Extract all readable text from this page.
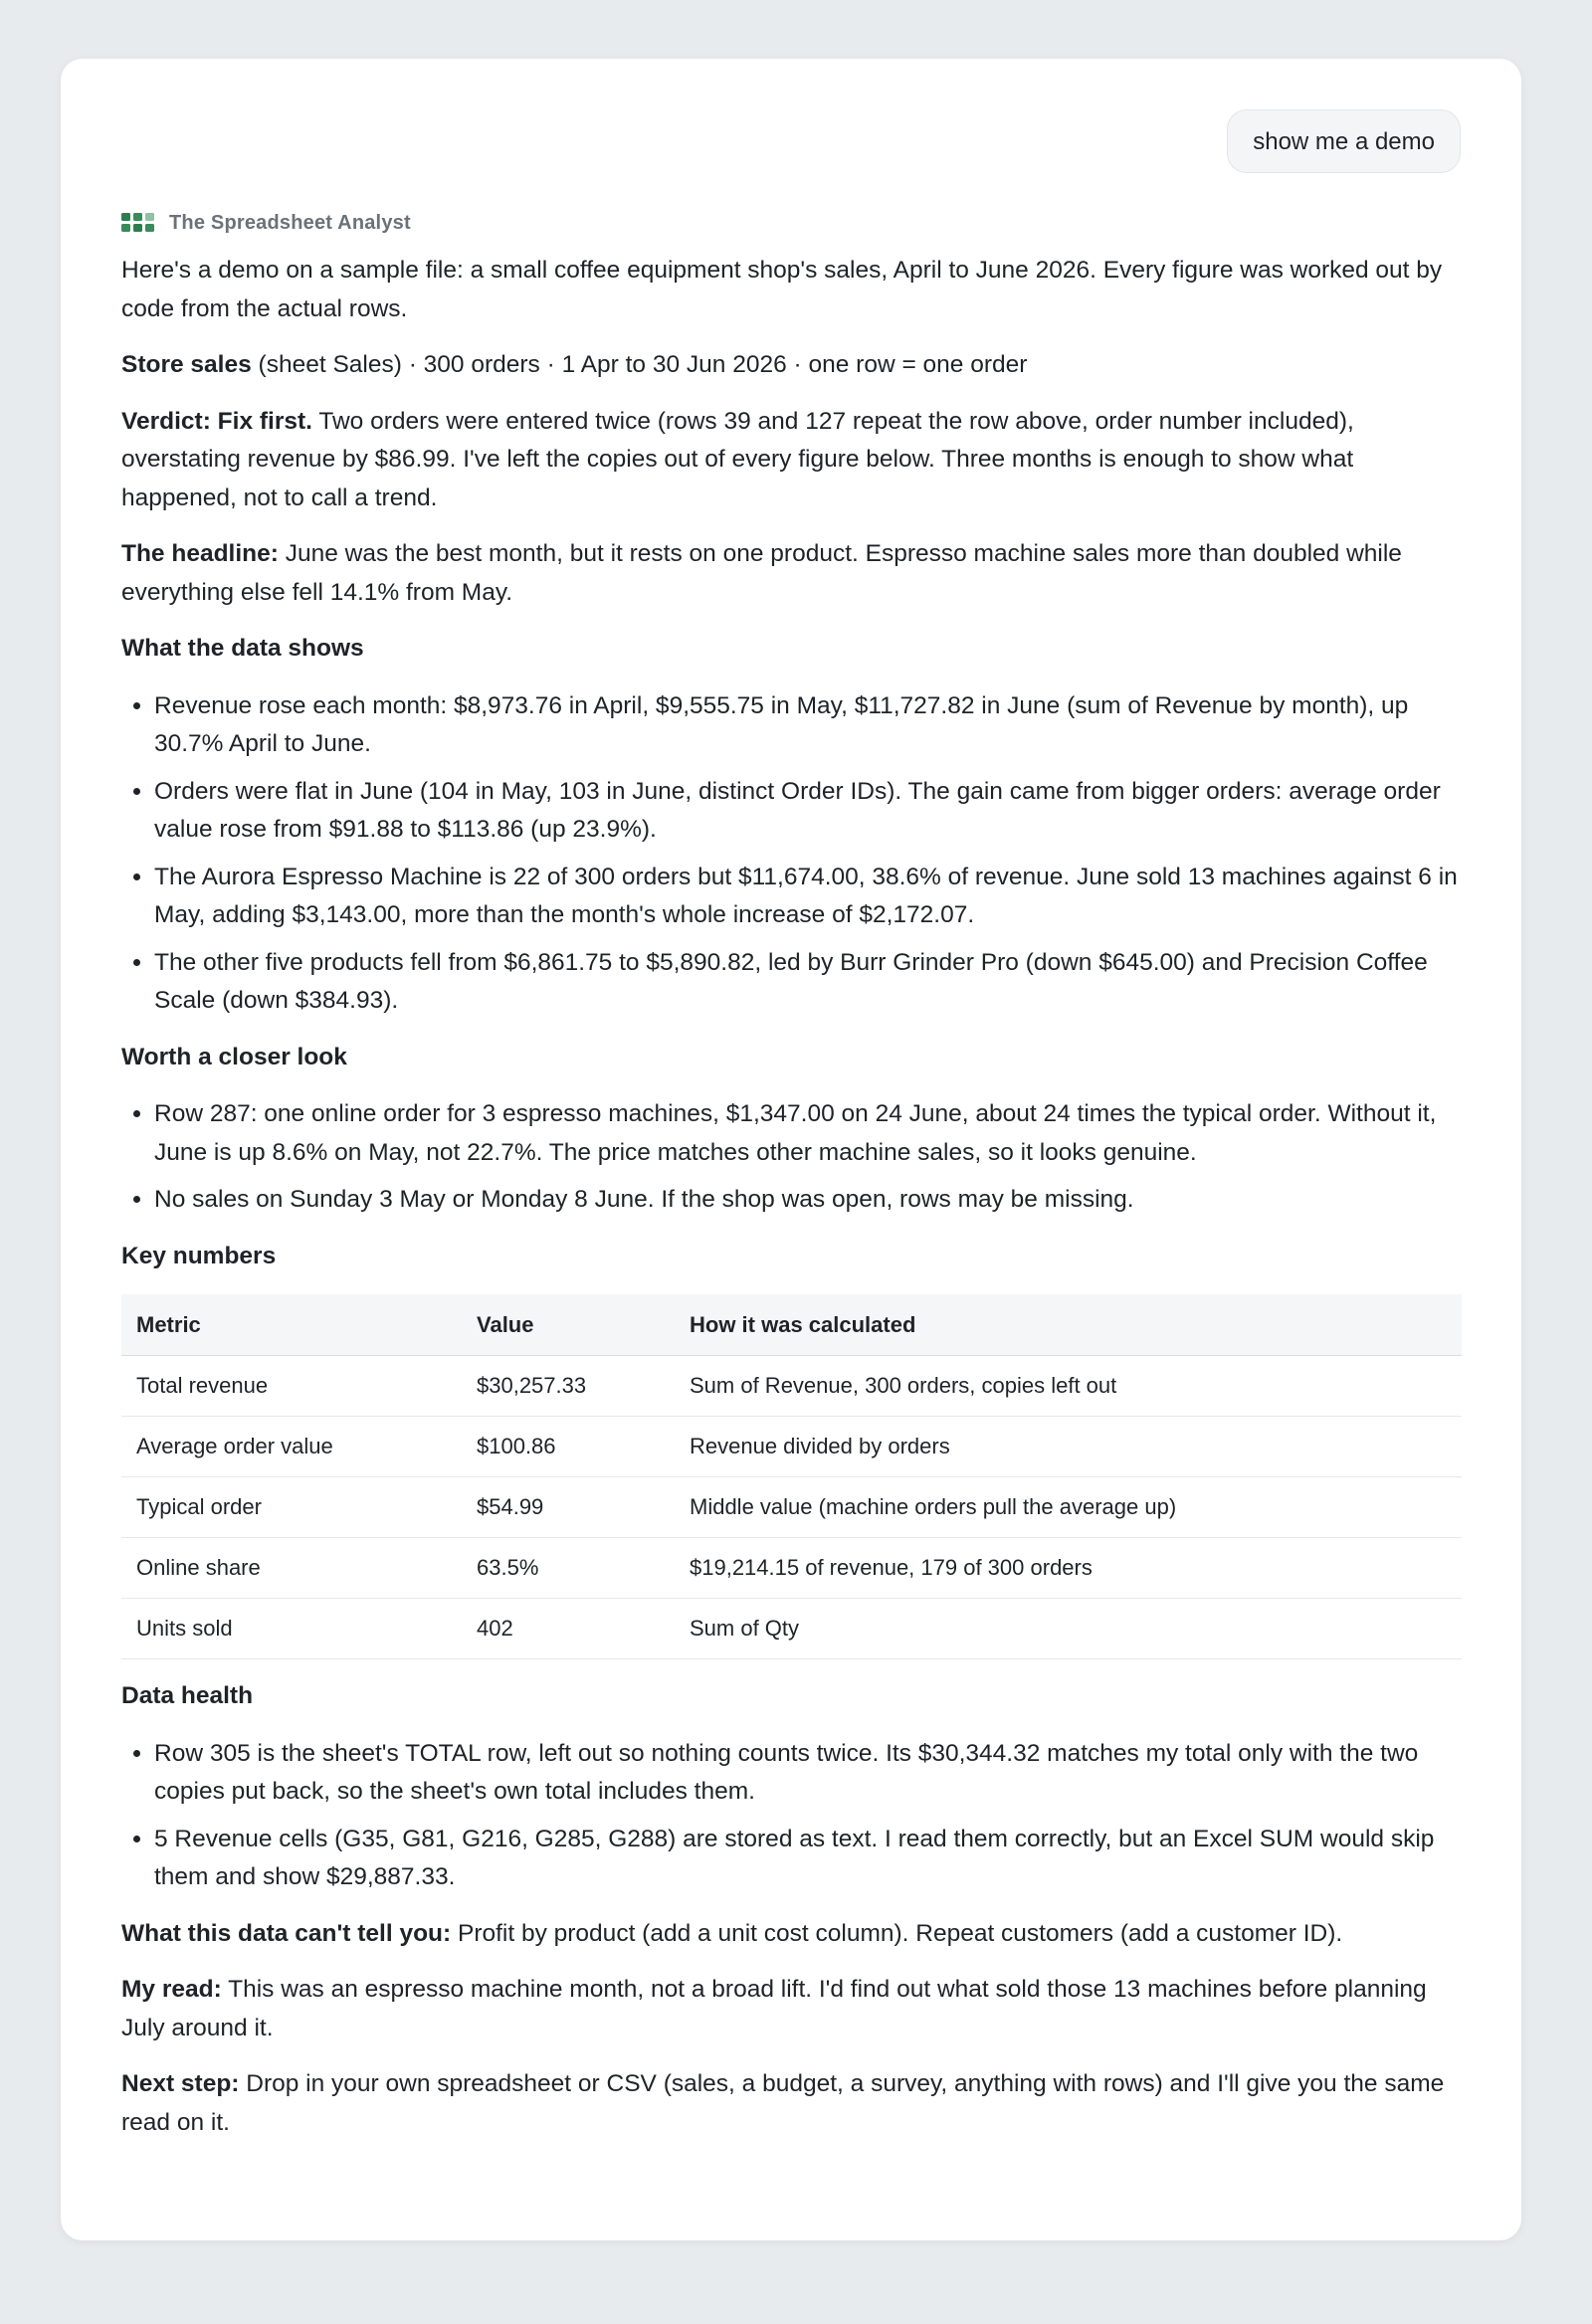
show me a demo
The Spreadsheet Analyst

Here's a demo on a sample file: a small coffee equipment shop's sales, April to June 2026. Every figure was worked out by code from the actual rows.

Store sales (sheet Sales) · 300 orders · 1 Apr to 30 Jun 2026 · one row = one order

Verdict: Fix first. Two orders were entered twice (rows 39 and 127 repeat the row above, order number included), overstating revenue by $86.99. I've left the copies out of every figure below. Three months is enough to show what happened, not to call a trend.

The headline: June was the best month, but it rests on one product. Espresso machine sales more than doubled while everything else fell 14.1% from May.

What the data shows
• Revenue rose each month: $8,973.76 in April, $9,555.75 in May, $11,727.82 in June (sum of Revenue by month), up 30.7% April to June.
• Orders were flat in June (104 in May, 103 in June, distinct Order IDs). The gain came from bigger orders: average order value rose from $91.88 to $113.86 (up 23.9%).
• The Aurora Espresso Machine is 22 of 300 orders but $11,674.00, 38.6% of revenue. June sold 13 machines against 6 in May, adding $3,143.00, more than the month's whole increase of $2,172.07.
• The other five products fell from $6,861.75 to $5,890.82, led by Burr Grinder Pro (down $645.00) and Precision Coffee Scale (down $384.93).
Worth a closer look
• Row 287: one online order for 3 espresso machines, $1,347.00 on 24 June, about 24 times the typical order. Without it, June is up 8.6% on May, not 22.7%. The price matches other machine sales, so it looks genuine.
• No sales on Sunday 3 May or Monday 8 June. If the shop was open, rows may be missing.
Key numbers
Metric	Value	How it was calculated
Total revenue	$30,257.33	Sum of Revenue, 300 orders, copies left out
Average order value	$100.86	Revenue divided by orders
Typical order	$54.99	Middle value (machine orders pull the average up)
Online share	63.5%	$19,214.15 of revenue, 179 of 300 orders
Units sold	402	Sum of Qty
Data health
• Row 305 is the sheet's TOTAL row, left out so nothing counts twice. Its $30,344.32 matches my total only with the two copies put back, so the sheet's own total includes them.
• 5 Revenue cells (G35, G81, G216, G285, G288) are stored as text. I read them correctly, but an Excel SUM would skip them and show $29,887.33.

What this data can't tell you: Profit by product (add a unit cost column). Repeat customers (add a customer ID).

My read: This was an espresso machine month, not a broad lift. I'd find out what sold those 13 machines before planning July around it.

Next step: Drop in your own spreadsheet or CSV (sales, a budget, a survey, anything with rows) and I'll give you the same read on it.
